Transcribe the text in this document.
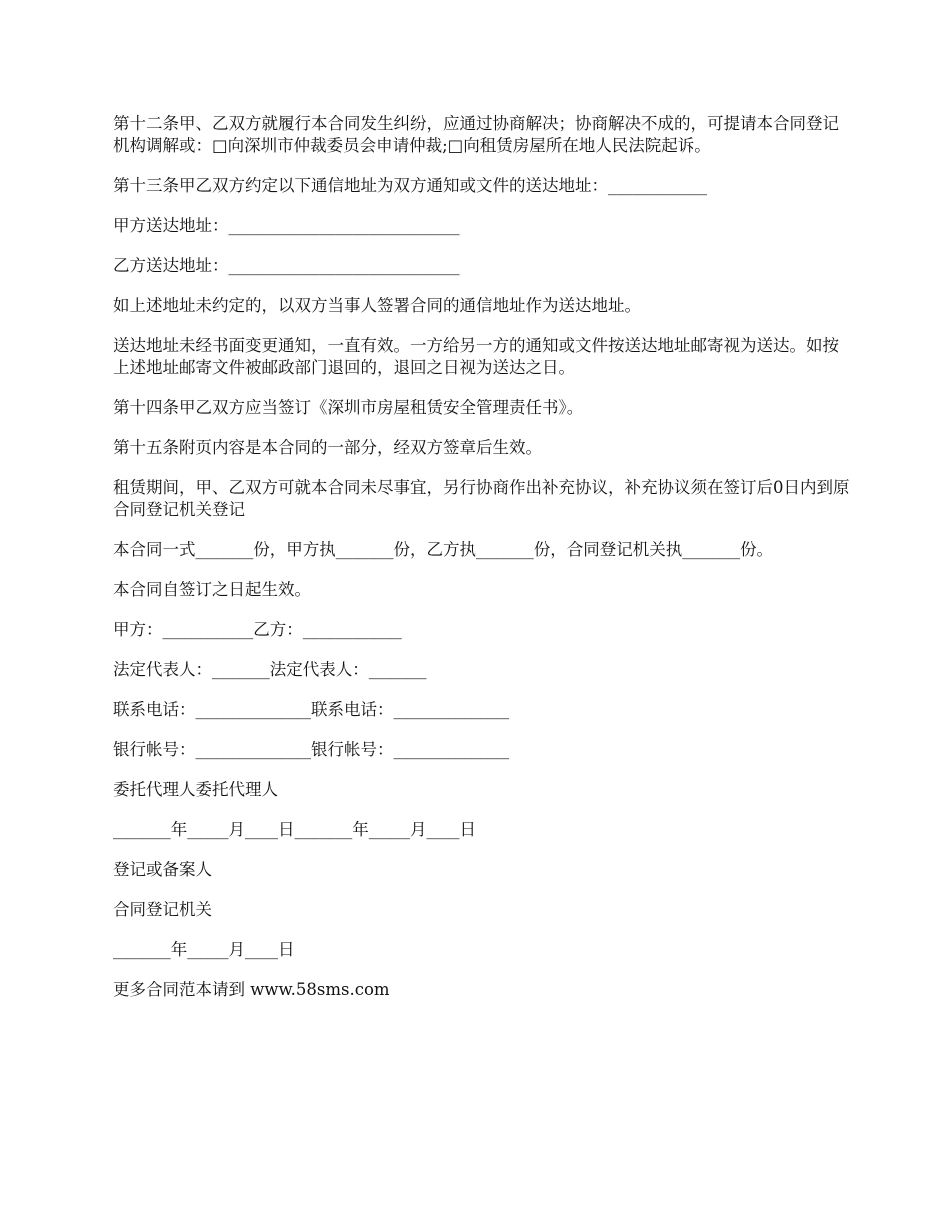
第十二条甲、乙双方就履行本合同发生纠纷，应通过协商解决；协商解决不成的，可提请本合同登记机构调解或：□向深圳市仲裁委员会申请仲裁;□向租赁房屋所在地人民法院起诉。

第十三条甲乙双方约定以下通信地址为双方通知或文件的送达地址：____________

甲方送达地址：____________________________

乙方送达地址：____________________________

如上述地址未约定的，以双方当事人签署合同的通信地址作为送达地址。

送达地址未经书面变更通知，一直有效。一方给另一方的通知或文件按送达地址邮寄视为送达。如按上述地址邮寄文件被邮政部门退回的，退回之日视为送达之日。

第十四条甲乙双方应当签订《深圳市房屋租赁安全管理责任书》。

第十五条附页内容是本合同的一部分，经双方签章后生效。

租赁期间，甲、乙双方可就本合同未尽事宜，另行协商作出补充协议，补充协议须在签订后0日内到原合同登记机关登记

本合同一式_______份，甲方执_______份，乙方执_______份，合同登记机关执_______份。

本合同自签订之日起生效。

甲方：___________乙方：____________

法定代表人：_______法定代表人：_______

联系电话：______________联系电话：______________

银行帐号：______________银行帐号：______________

委托代理人委托代理人

_______年_____月____日_______年_____月____日

登记或备案人

合同登记机关

_______年_____月____日

更多合同范本请到 www.58sms.com
